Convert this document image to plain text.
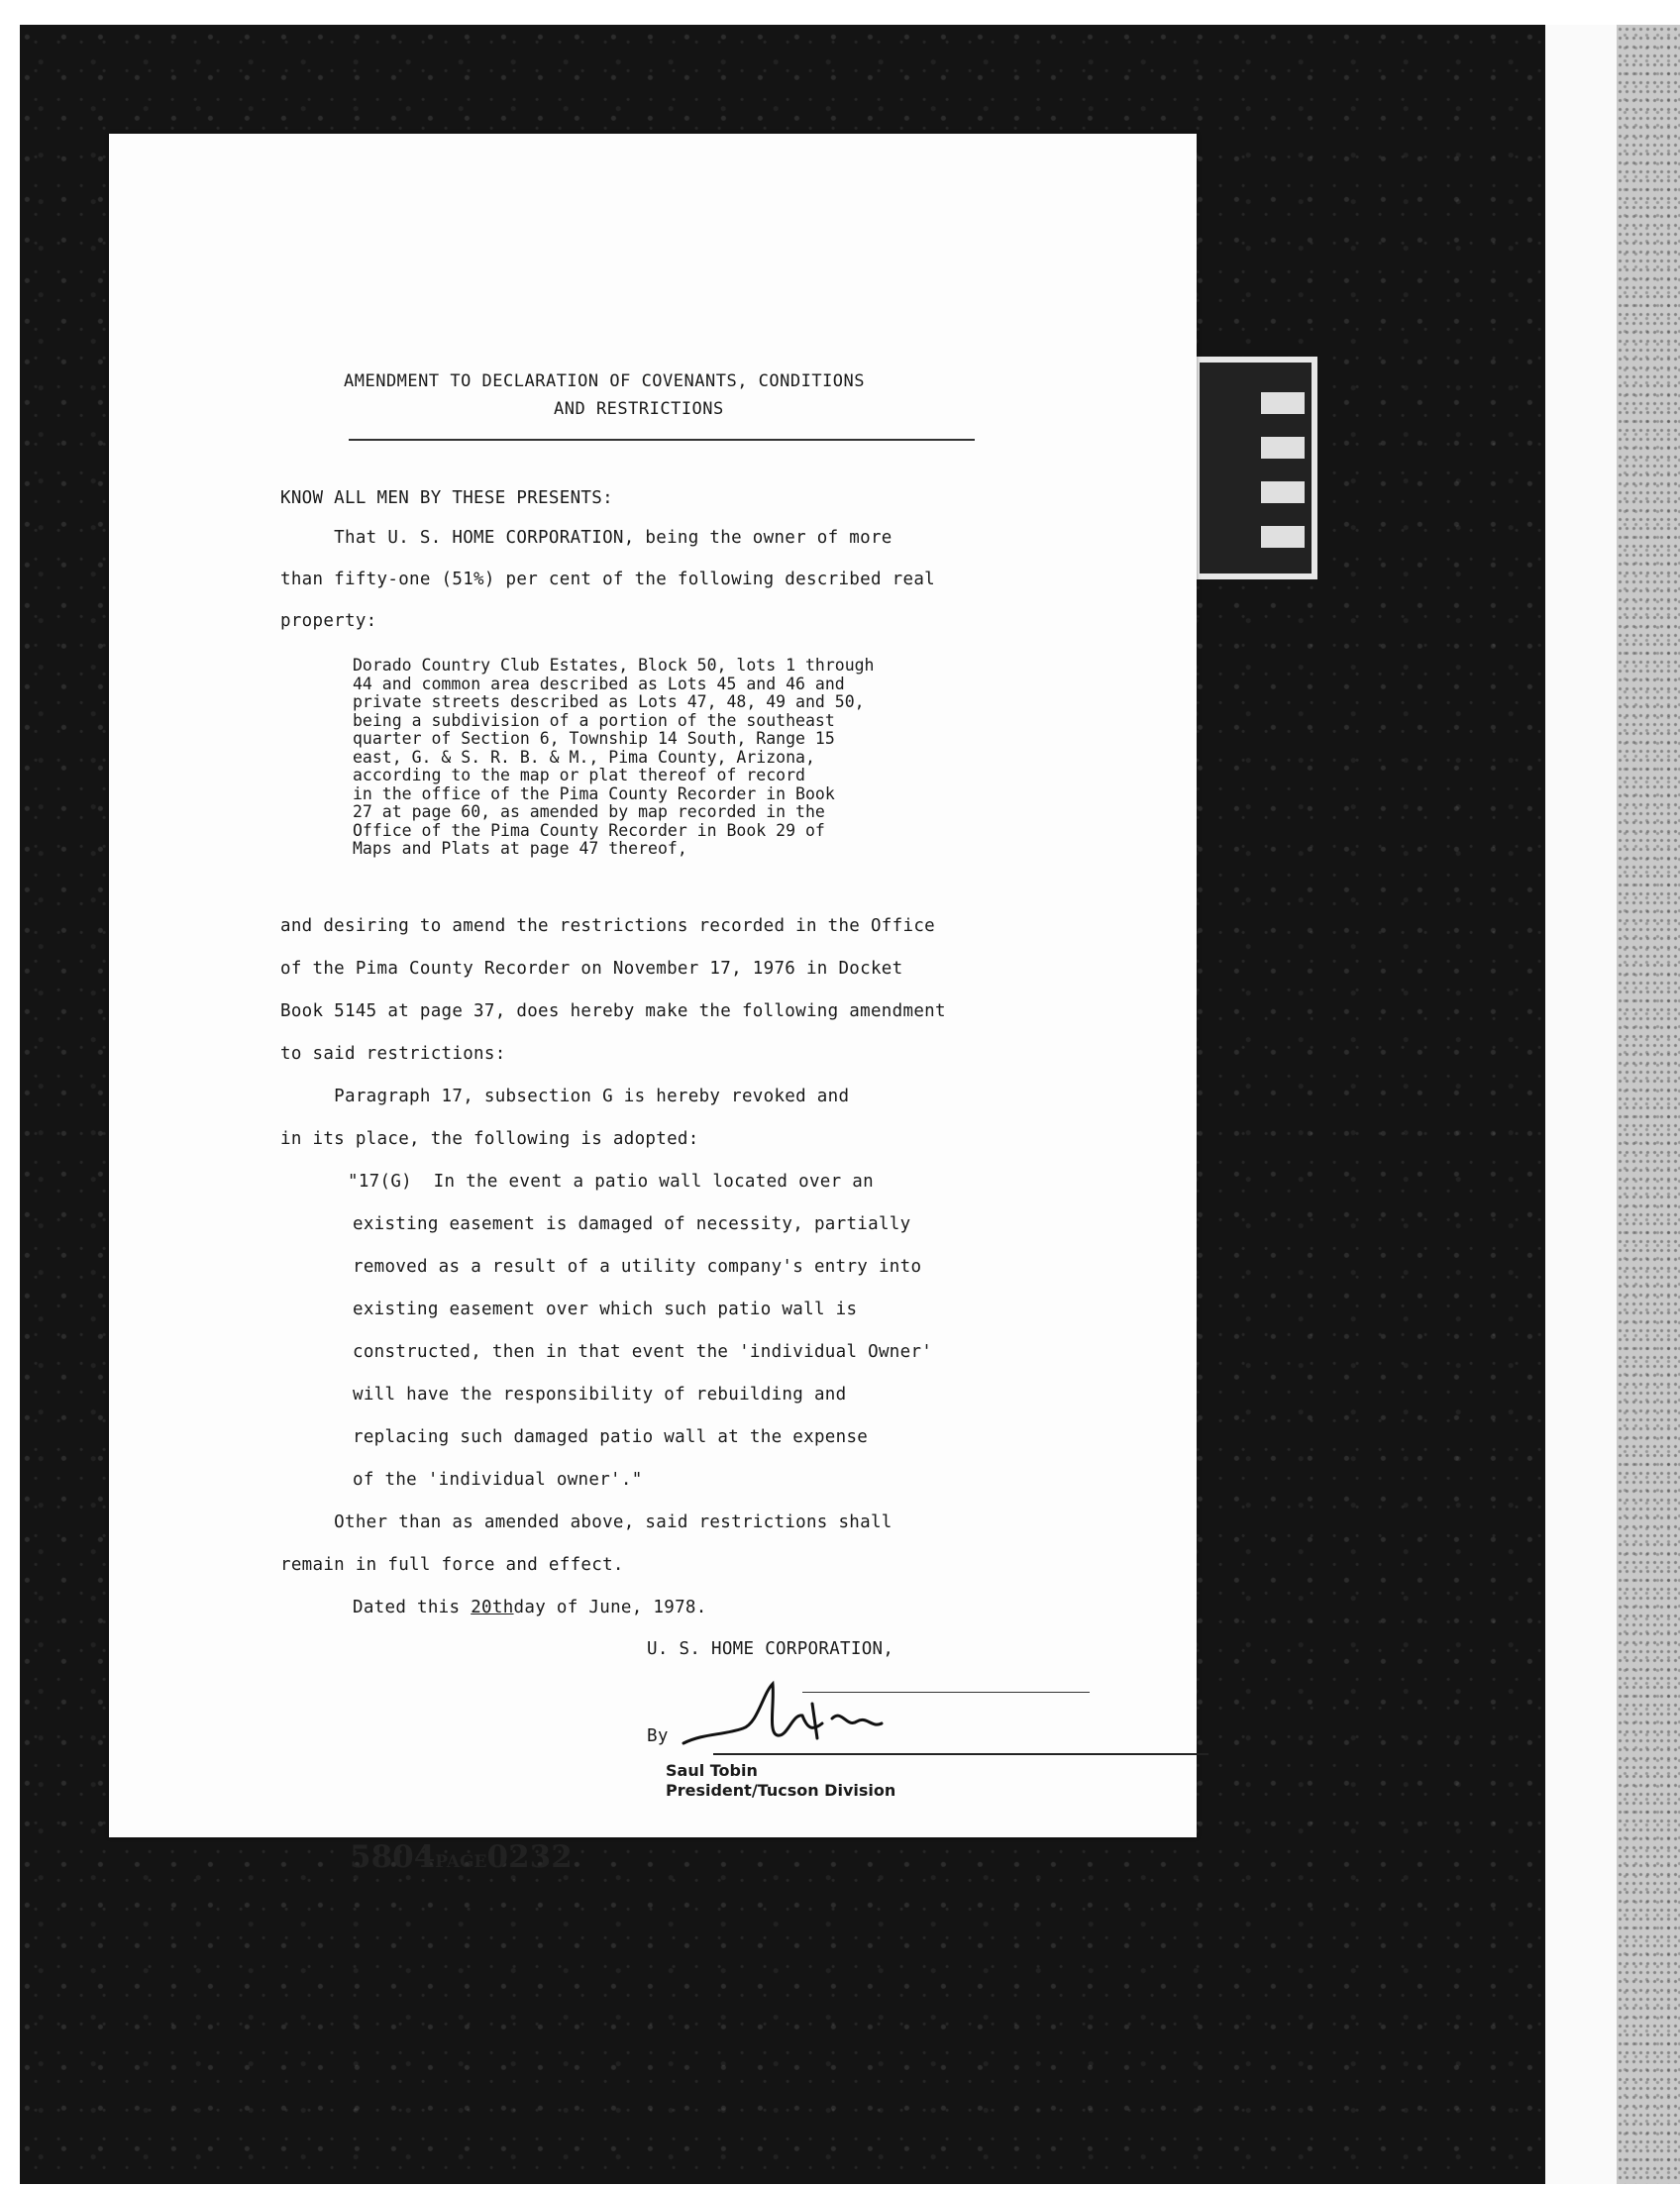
AMENDMENT TO DECLARATION OF COVENANTS, CONDITIONS

AND RESTRICTIONS

KNOW ALL MEN BY THESE PRESENTS:

That U. S. HOME CORPORATION, being the owner of more

than fifty-one (51%) per cent of the following described real

property:

Dorado Country Club Estates, Block 50, lots 1 through
44 and common area described as Lots 45 and 46 and
private streets described as Lots 47, 48, 49 and 50,
being a subdivision of a portion of the southeast
quarter of Section 6, Township 14 South, Range 15
east, G. & S. R. B. & M., Pima County, Arizona,
according to the map or plat thereof of record
in the office of the Pima County Recorder in Book
27 at page 60, as amended by map recorded in the
Office of the Pima County Recorder in Book 29 of
Maps and Plats at page 47 thereof,

and desiring to amend the restrictions recorded in the Office

of the Pima County Recorder on November 17, 1976 in Docket

Book 5145 at page 37, does hereby make the following amendment

to said restrictions:

Paragraph 17, subsection G is hereby revoked and

in its place, the following is adopted:

"17(G)  In the event a patio wall located over an

existing easement is damaged of necessity, partially

removed as a result of a utility company's entry into

existing easement over which such patio wall is

constructed, then in that event the 'individual Owner'

will have the responsibility of rebuilding and

replacing such damaged patio wall at the expense

of the 'individual owner'."

Other than as amended above, said restrictions shall

remain in full force and effect.

Dated this 20thday of June, 1978.

U. S. HOME CORPORATION,

By

Saul Tobin

President/Tucson Division

5804PAGE0232
